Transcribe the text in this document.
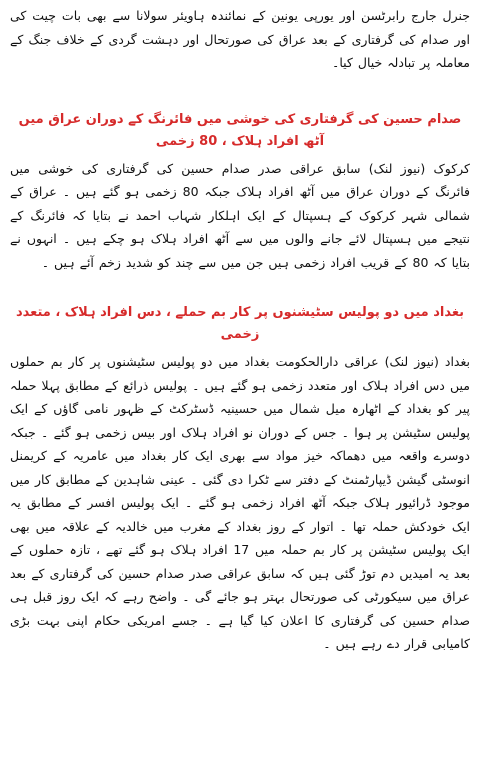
جنرل جارج رابرٹسن اور یورپی یونین کے نمائندہ ہاویئر سولانا سے بھی بات چیت کی اور صدام کی گرفتاری کے بعد عراق کی صورتحال اور دہشت گردی کے خلاف جنگ کے معاملہ پر تبادلہ خیال کیا۔

صدام حسین کی گرفتاری کی خوشی میں فائرنگ کے دوران عراق میں آٹھ افراد ہلاک ، 80 زخمی

کرکوک (نیوز لنک) سابق عراقی صدر صدام حسین کی گرفتاری کی خوشی میں فائرنگ کے دوران عراق میں آٹھ افراد ہلاک جبکہ 80 زخمی ہو گئے ہیں ۔ عراق کے شمالی شہر کرکوک کے ہسپتال کے ایک اہلکار شہاب احمد نے بتایا کہ فائرنگ کے نتیجے میں ہسپتال لائے جانے والوں میں سے آٹھ افراد ہلاک ہو چکے ہیں ۔ انہوں نے بتایا کہ 80 کے قریب افراد زخمی ہیں جن میں سے چند کو شدید زخم آئے ہیں ۔

بغداد میں دو پولیس سٹیشنوں پر کار بم حملے ، دس افراد ہلاک ، متعدد زخمی

بغداد (نیوز لنک) عراقی دارالحکومت بغداد میں دو پولیس سٹیشنوں پر کار بم حملوں میں دس افراد ہلاک اور متعدد زخمی ہو گئے ہیں ۔ پولیس ذرائع کے مطابق پہلا حملہ پیر کو بغداد کے اٹھارہ میل شمال میں حسینیہ ڈسٹرکٹ کے ظہور نامی گاؤں کے ایک پولیس سٹیشن پر ہوا ۔ جس کے دوران نو افراد ہلاک اور بیس زخمی ہو گئے ۔ جبکہ دوسرے واقعہ میں دھماکہ خیز مواد سے بھری ایک کار بغداد میں عامریہ کے کریمنل انوسٹی گیشن ڈیپارٹمنٹ کے دفتر سے ٹکرا دی گئی ۔ عینی شاہدین کے مطابق کار میں موجود ڈرائیور ہلاک جبکہ آٹھ افراد زخمی ہو گئے ۔ ایک پولیس افسر کے مطابق یہ ایک خودکش حملہ تھا ۔ اتوار کے روز بغداد کے مغرب میں خالدیہ کے علاقہ میں بھی ایک پولیس سٹیشن پر کار بم حملہ میں 17 افراد ہلاک ہو گئے تھے ، تازہ حملوں کے بعد یہ امیدیں دم توڑ گئی ہیں کہ سابق عراقی صدر صدام حسین کی گرفتاری کے بعد عراق میں سیکورٹی کی صورتحال بہتر ہو جائے گی ۔ واضح رہے کہ ایک روز قبل ہی صدام حسین کی گرفتاری کا اعلان کیا گیا ہے ۔ جسے امریکی حکام اپنی بہت بڑی کامیابی قرار دے رہے ہیں ۔
